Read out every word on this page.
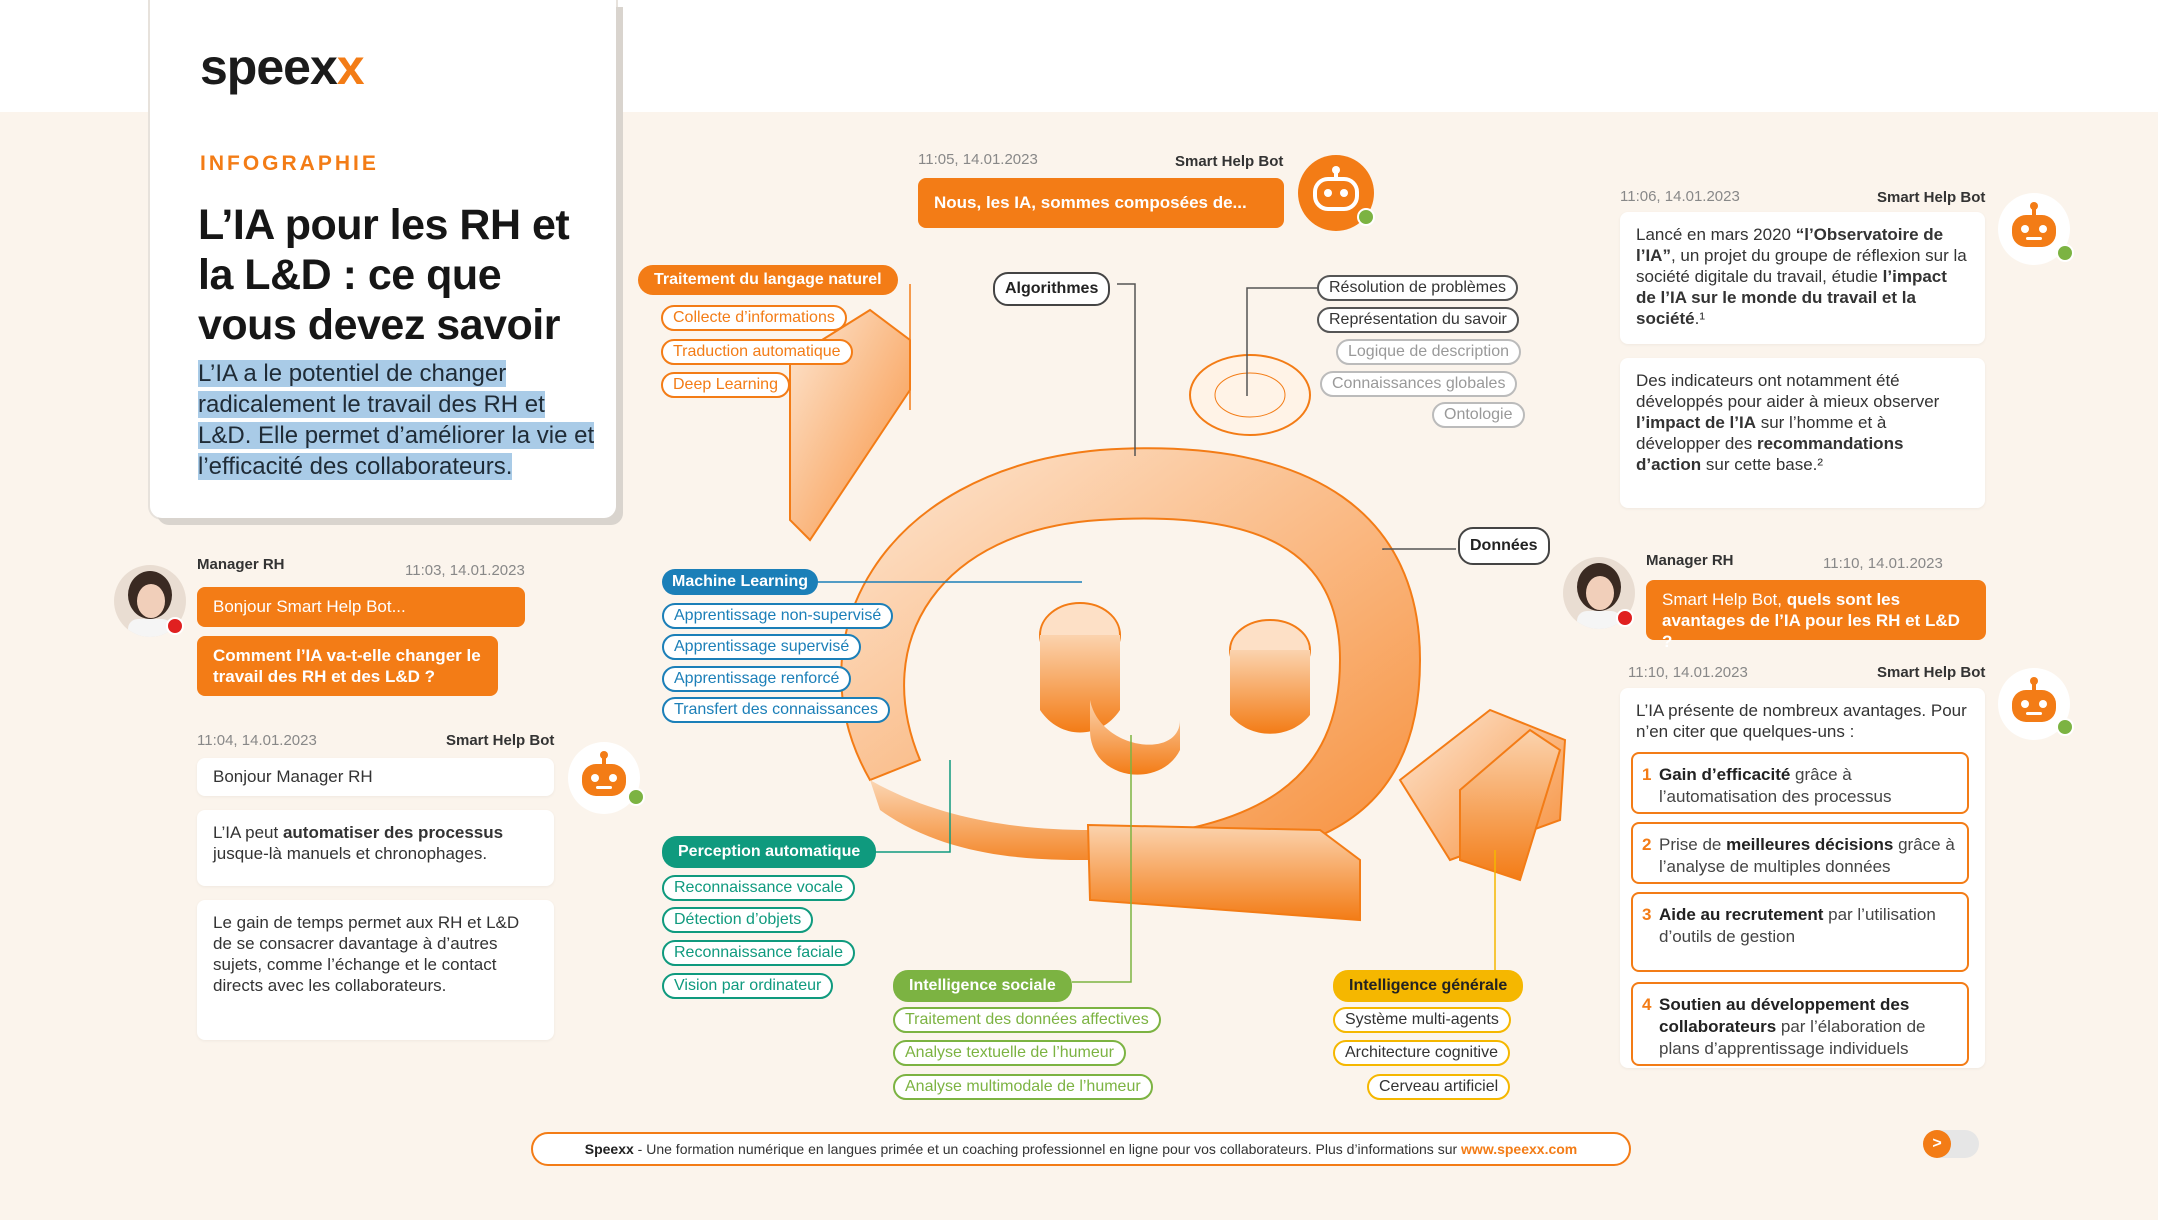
speexx
INFOGRAPHIE
L’IA pour les RH et la L&D : ce que vous devez savoir
L’IA a le potentiel de changer radicalement le travail des RH et L&D. Elle permet d’améliorer la vie et l’efficacité des collaborateurs.
Manager RH	11:03, 14.01.2023
Bonjour Smart Help Bot...
Comment l’IA va-t-elle changer le travail des RH et des L&D ?
11:04, 14.01.2023	Smart Help Bot
Bonjour Manager RH
L’IA peut automatiser des processus jusque-là manuels et chronophages.
Le gain de temps permet aux RH et L&D de se consacrer davantage à d’autres sujets, comme l’échange et le contact directs avec les collaborateurs.
11:05, 14.01.2023	Smart Help Bot
Nous, les IA, sommes composées de...
Traitement du langage naturel
Collecte d’informations
Traduction automatique
Deep Learning
Algorithmes	Résolution de problèmes
Représentation du savoir
Logique de description
Connaissances globales
Ontologie
Données
Machine Learning
Apprentissage non-supervisé
Apprentissage supervisé
Apprentissage renforcé
Transfert des connaissances
Perception automatique
Reconnaissance vocale
Détection d’objets
Reconnaissance faciale
Vision par ordinateur	Intelligence sociale
Traitement des données affectives
Analyse textuelle de l’humeur
Analyse multimodale de l’humeur
Intelligence générale
Système multi-agents
Architecture cognitive
Cerveau artificiel
11:06, 14.01.2023	Smart Help Bot
Lancé en mars 2020 “l’Observatoire de l’IA”, un projet du groupe de réflexion sur la société digitale du travail, étudie l’impact de l’IA sur le monde du travail et la société.¹
Des indicateurs ont notamment été développés pour aider à mieux observer l’impact de l’IA sur l’homme et à développer des recommandations d’action sur cette base.²
Manager RH	11:10, 14.01.2023
Smart Help Bot, quels sont les avantages de l’IA pour les RH et L&D ?
11:10, 14.01.2023	Smart Help Bot
L’IA présente de nombreux avantages. Pour n’en citer que quelques-uns :
1 Gain d’efficacité grâce à l’automatisation des processus
2 Prise de meilleures décisions grâce à l’analyse de multiples données
3 Aide au recrutement par l’utilisation d’outils de gestion
4 Soutien au développement des collaborateurs par l’élaboration de plans d’apprentissage individuels
Speexx - Une formation numérique en langues primée et un coaching professionnel en ligne pour vos collaborateurs. Plus d’informations sur www.speexx.com	>
